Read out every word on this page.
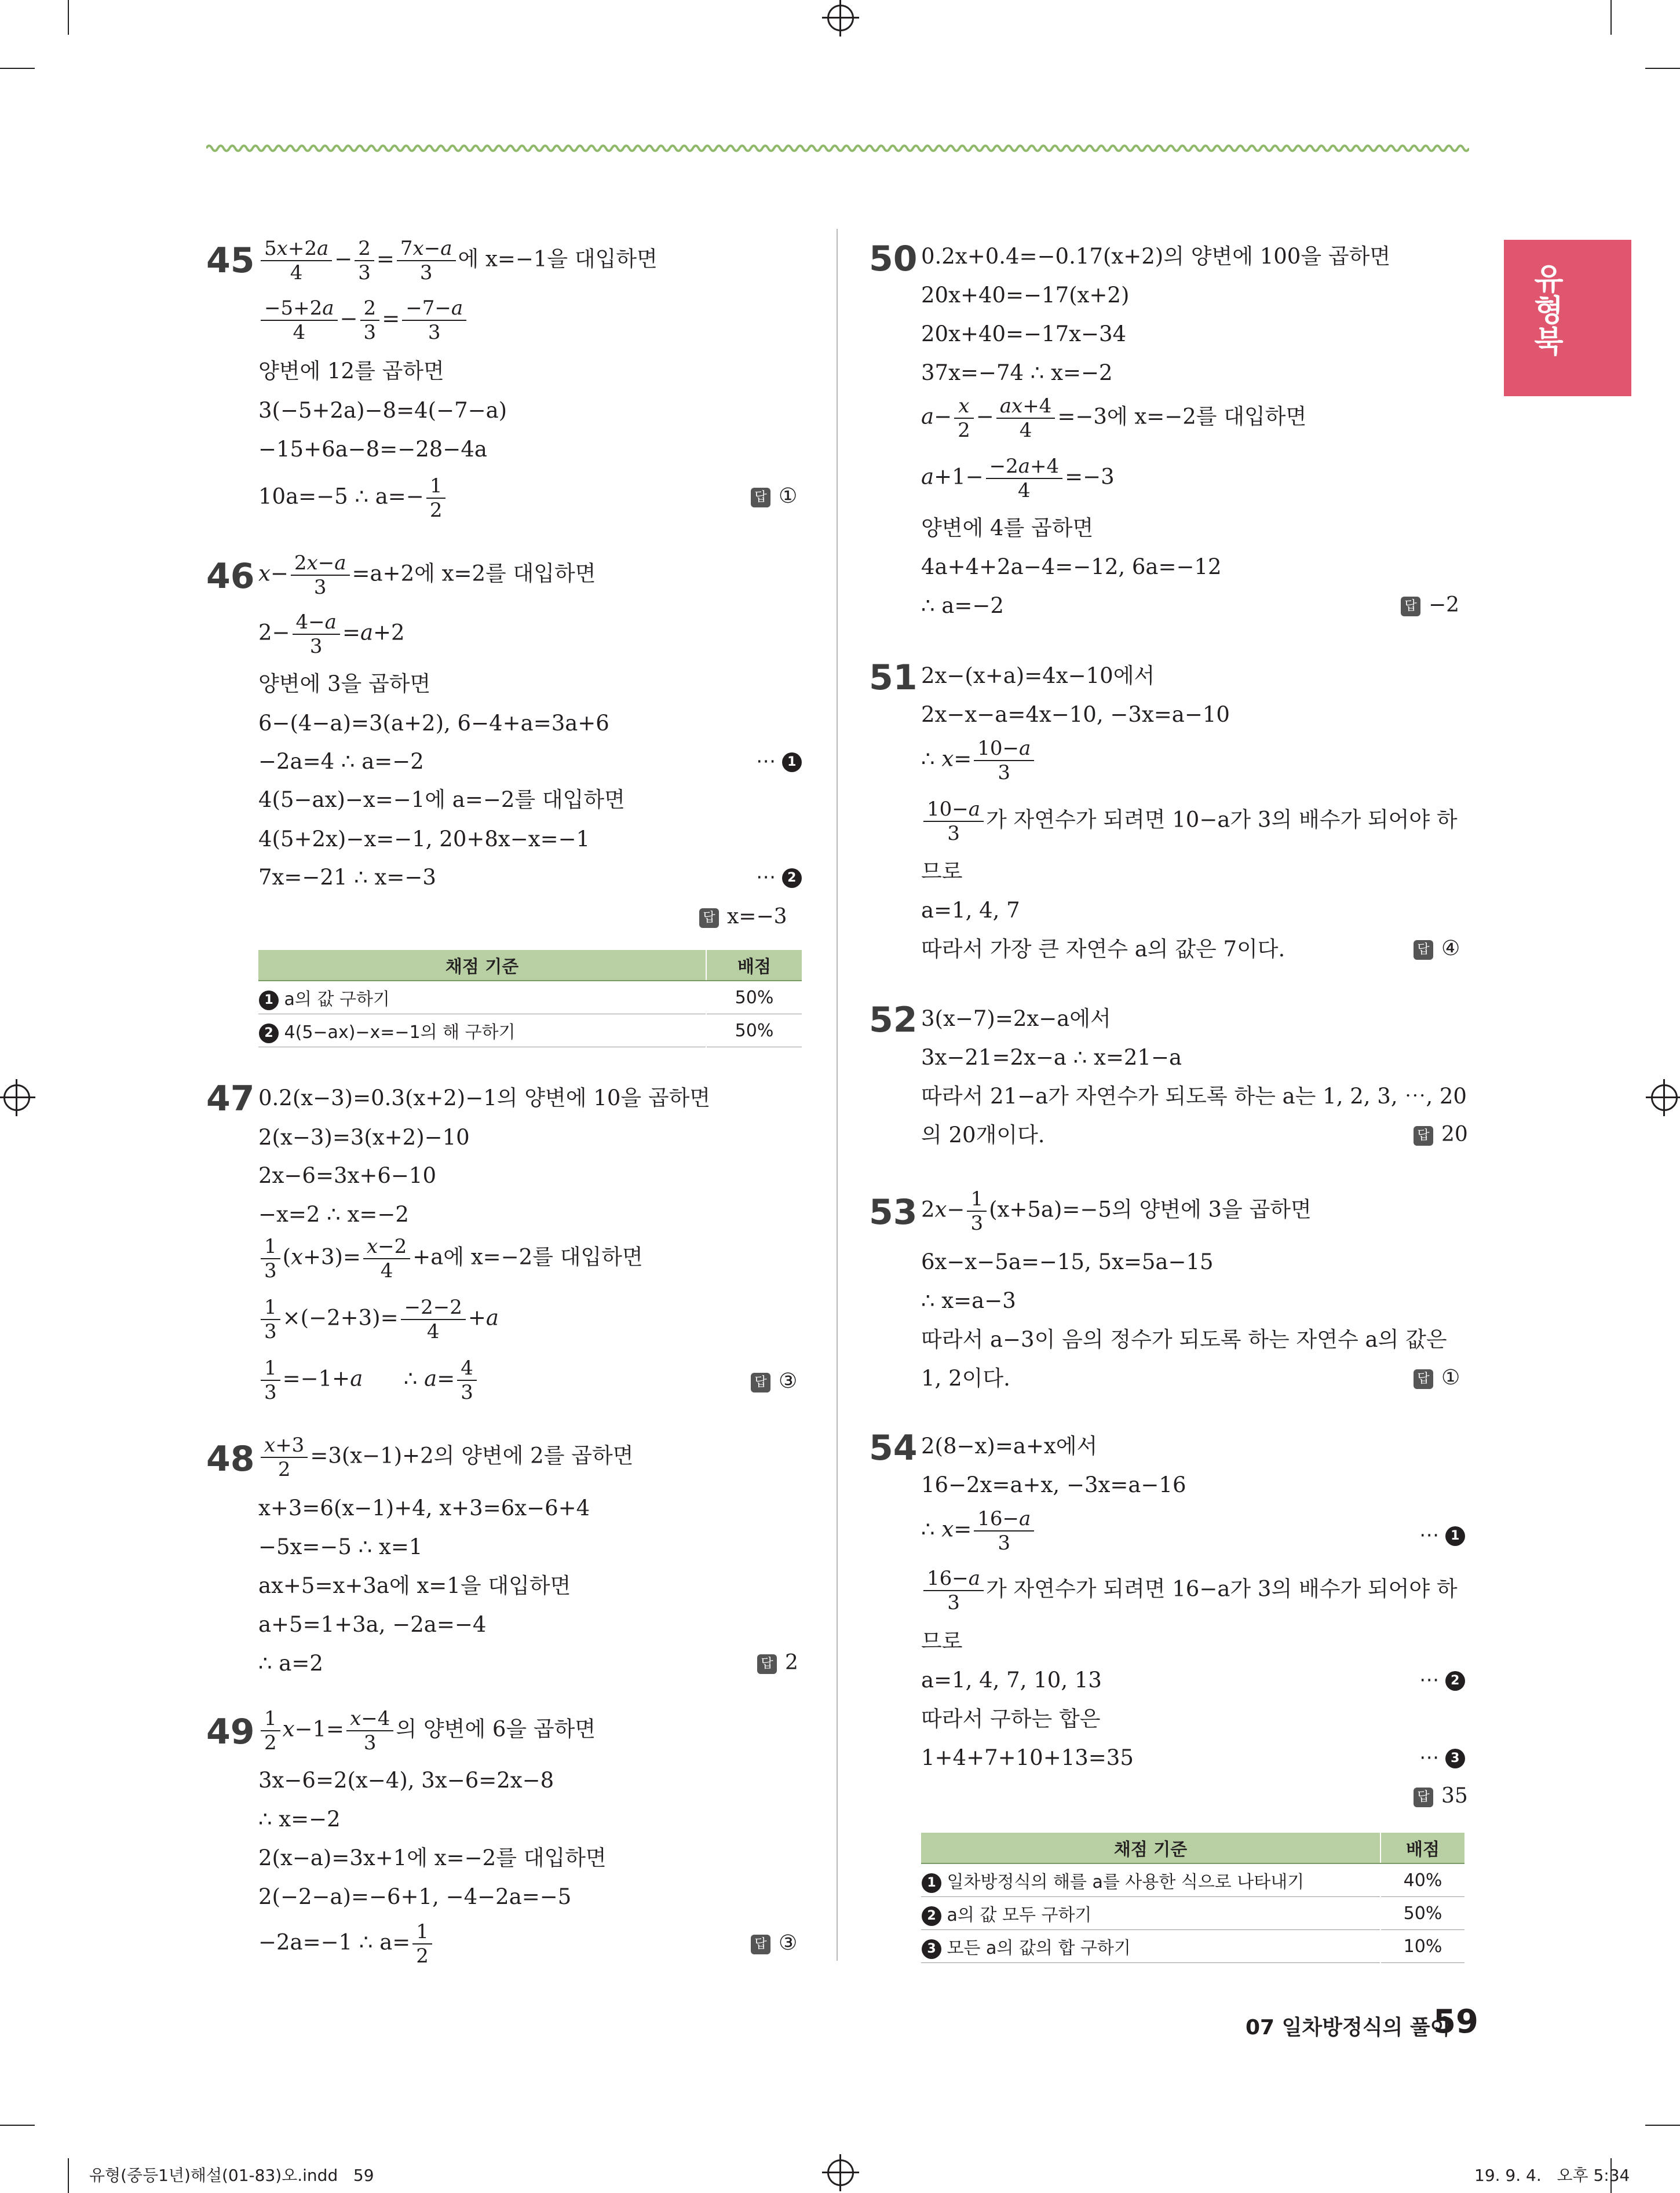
유형북
$45 \frac{5x+2a}{4} - \frac{2}{3} = \frac{7x-a}{3}$ 에 x=−1을 대입하면
$\frac{-5+2a}{4} - \frac{2}{3} = \frac{-7-a}{3}$
양변에 12를 곱하면
3(−5+2a)−8=4(−7−a)
−15+6a−8=−28−4a
10a=−5 ∴ $a=- \frac{1}{2}$	답 ①
46 $x- \frac{2x-a}{3} =a+2$에 x=2를 대입하면
$2- \frac{4-a}{3} =a+2$
양변에 3을 곱하면
6−(4−a)=3(a+2), 6−4+a=3a+6
−2a=4 ∴ a=−2	⋯ 1
4(5−ax)−x=−1에 a=−2를 대입하면
4(5+2x)−x=−1, 20+8x−x=−1
7x=−21 ∴ x=−3	⋯ 2
답 x=−3
채점 기준	배점
1 a의 값 구하기	50%
2 4(5−ax)−x=−1의 해 구하기	50%
47 0.2(x−3)=0.3(x+2)−1의 양변에 10을 곱하면
2(x−3)=3(x+2)−10
2x−6=3x+6−10
−x=2 ∴ x=−2
$\frac{1}{3} (x+3)= \frac{x-2}{4} +a$에 x=−2를 대입하면
$\frac{1}{3} \times(-2+3)= \frac{-2-2}{4} +a$
$\frac{1}{3} =-1+a$      ∴ $a= \frac{4}{3}$	답 ③
$48 \frac{x+3}{2} =3(x-1)+2$의 양변에 2를 곱하면
x+3=6(x−1)+4, x+3=6x−6+4
−5x=−5 ∴ x=1
ax+5=x+3a에 x=1을 대입하면
a+5=1+3a, −2a=−4
∴ a=2	답 2
$49 \frac{1}{2} x-1= \frac{x-4}{3}$ 의 양변에 6을 곱하면
3x−6=2(x−4), 3x−6=2x−8
∴ x=−2
2(x−a)=3x+1에 x=−2를 대입하면
2(−2−a)=−6+1, −4−2a=−5
−2a=−1 ∴ $a= \frac{1}{2}$	답 ③
50 0.2x+0.4=−0.17(x+2)의 양변에 100을 곱하면
20x+40=−17(x+2)
20x+40=−17x−34
37x=−74 ∴ x=−2
$a- \frac{x}{2} - \frac{ax+4}{4} =-3$에 x=−2를 대입하면
$a+1- \frac{-2a+4}{4} =-3$
양변에 4를 곱하면
4a+4+2a−4=−12, 6a=−12
∴ a=−2	답 −2
51 2x−(x+a)=4x−10에서
2x−x−a=4x−10, −3x=a−10
∴ $x= \frac{10-a}{3}$
$\frac{10-a}{3}$ 가 자연수가 되려면 10−a가 3의 배수가 되어야 하
므로
a=1, 4, 7
따라서 가장 큰 자연수 a의 값은 7이다.	답 ④
52 3(x−7)=2x−a에서
3x−21=2x−a ∴ x=21−a
따라서 21−a가 자연수가 되도록 하는 a는 1, 2, 3, ⋯, 20
의 20개이다.	답 20
53 $2x- \frac{1}{3} (x+5a)=-5$의 양변에 3을 곱하면
6x−x−5a=−15, 5x=5a−15
∴ x=a−3
따라서 a−3이 음의 정수가 되도록 하는 자연수 a의 값은
1, 2이다.	답 ①
54 2(8−x)=a+x에서
16−2x=a+x, −3x=a−16
∴ $x= \frac{16-a}{3}$	⋯ 1
$\frac{16-a}{3}$ 가 자연수가 되려면 16−a가 3의 배수가 되어야 하
므로
a=1, 4, 7, 10, 13	⋯ 2
따라서 구하는 합은
1+4+7+10+13=35	⋯ 3
답 35
채점 기준	배점
1 일차방정식의 해를 a를 사용한 식으로 나타내기	40%
2 a의 값 모두 구하기	50%
3 모든 a의 값의 합 구하기	10%
07 일차방정식의 풀이
59
유형(중등1년)해설(01-83)오.indd   59	19. 9. 4.   오후 5:34
